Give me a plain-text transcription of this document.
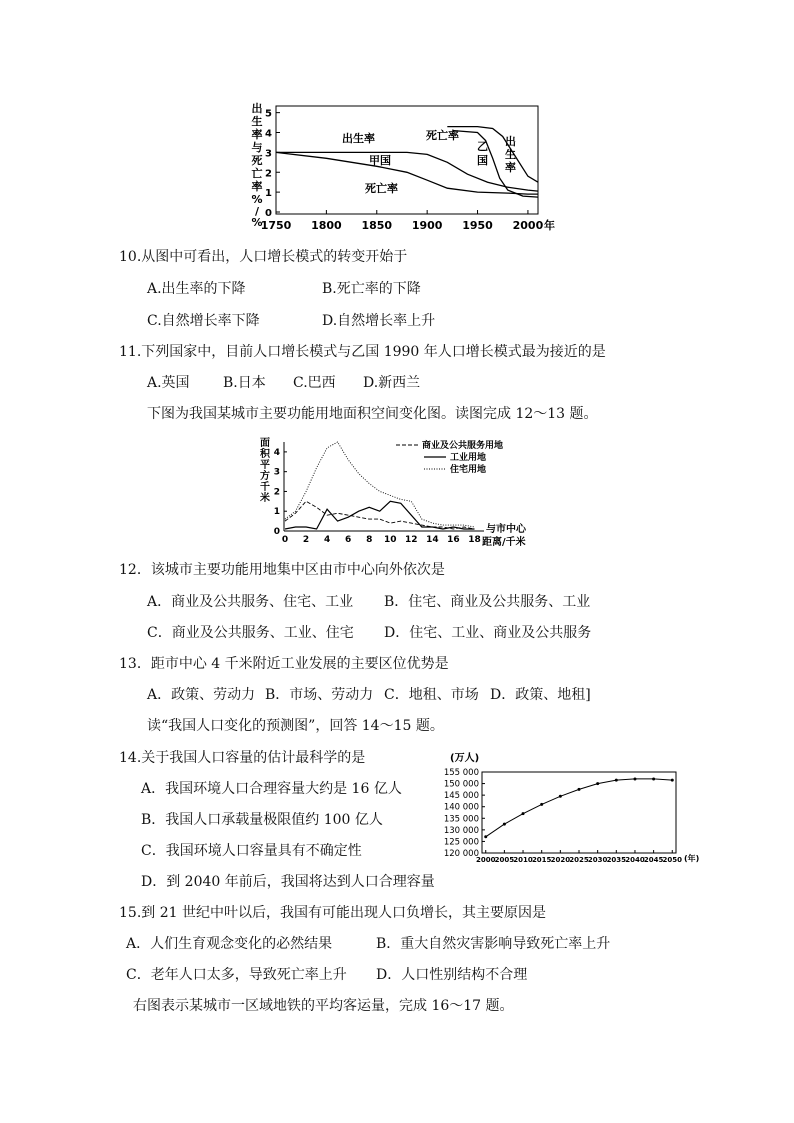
0
1
2
3
4
5
1750 1800 1850 1900 1950 2000 年
出生率
甲国
死亡率
死亡率
乙 国
出 生率
出
生
率
与
死
亡
率
%
/
%
10.从图中可看出，人口增长模式的转变开始于
A.出生率的下降	B.死亡率的下降
C.自然增长率下降	D.自然增长率上升
11.下列国家中，目前人口增长模式与乙国 1990 年人口增长模式最为接近的是
A.英国 B.日本 C.巴西 D.新西兰
下图为我国某城市主要功能用地面积空间变化图。读图完成 12～13 题。
0
1
2
3
4
0 2 4 6 8 10 12 14 16 18
商业及公共服务用地
工业用地
住宅用地
与市中心
距离/千米
面
积
平
方
千
米
12．该城市主要功能用地集中区由市中心向外依次是
A．商业及公共服务、住宅、工业 B．住宅、商业及公共服务、工业
C．商业及公共服务、工业、住宅 D．住宅、工业、商业及公共服务
13．距市中心 4 千米附近工业发展的主要区位优势是
A．政策、劳动力 B．市场、劳动力 C．地租、市场 D．政策、地租]
读“我国人口变化的预测图”，回答 14～15 题。
14.关于我国人口容量的估计最科学的是
A．我国环境人口合理容量大约是 16 亿人
B．我国人口承载量极限值约 100 亿人
C．我国环境人口容量具有不确定性
D．到 2040 年前后，我国将达到人口合理容量
(万人)
120 000
125 000
130 000
135 000
140 000
145 000
150 000
155 000
2000 2005 2010 2015 2020 2025 2030 2035 2040 2045 2050 (年)
15.到 21 世纪中叶以后，我国有可能出现人口负增长，其主要原因是
A．人们生育观念变化的必然结果	B．重大自然灾害影响导致死亡率上升
C．老年人口太多，导致死亡率上升 D．人口性别结构不合理
右图表示某城市一区域地铁的平均客运量，完成 16～17 题。
